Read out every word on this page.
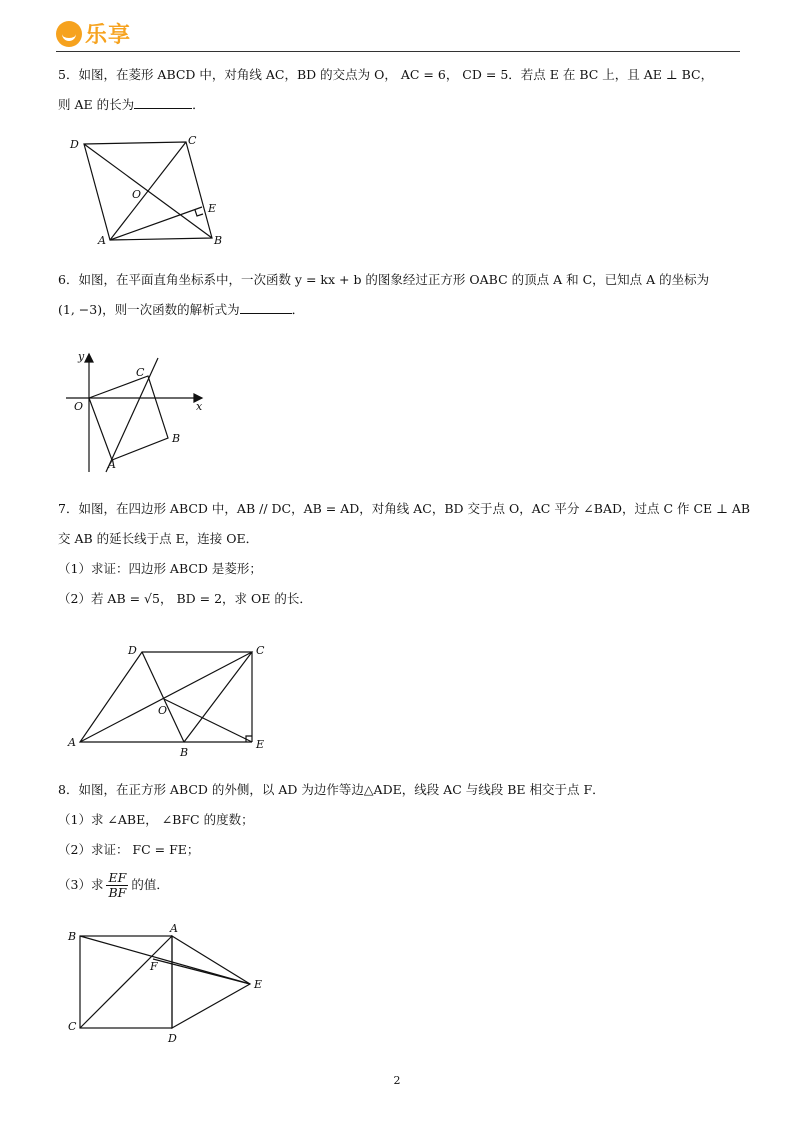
乐享
5．如图，在菱形 ABCD 中，对角线 AC，BD 的交点为 O， AC = 6， CD = 5．若点 E 在 BC 上，且 AE ⊥ BC，
则 AE 的长为	．
D	C
O
E
A	B
6．如图，在平面直角坐标系中，一次函数 y = kx + b 的图象经过正方形 OABC 的顶点 A 和 C，已知点 A 的坐标为
(1, −3)，则一次函数的解析式为	．
y
x
O
C
B
A
7．如图，在四边形 ABCD 中，AB // DC，AB = AD，对角线 AC，BD 交于点 O，AC 平分 ∠BAD，过点 C 作 CE ⊥ AB
交 AB 的延长线于点 E，连接 OE．
（1）求证：四边形 ABCD 是菱形；
（2）若 AB = √5， BD = 2，求 OE 的长．
D	C
O
A
B
E
8．如图，在正方形 ABCD 的外侧，以 AD 为边作等边△ADE，线段 AC 与线段 BE 相交于点 F．
（1）求 ∠ABE， ∠BFC 的度数；
（2）求证： FC = FE；
（3）求 $\frac{EF}{BF}$ 的值．
B
A
F
E
C
D
2
